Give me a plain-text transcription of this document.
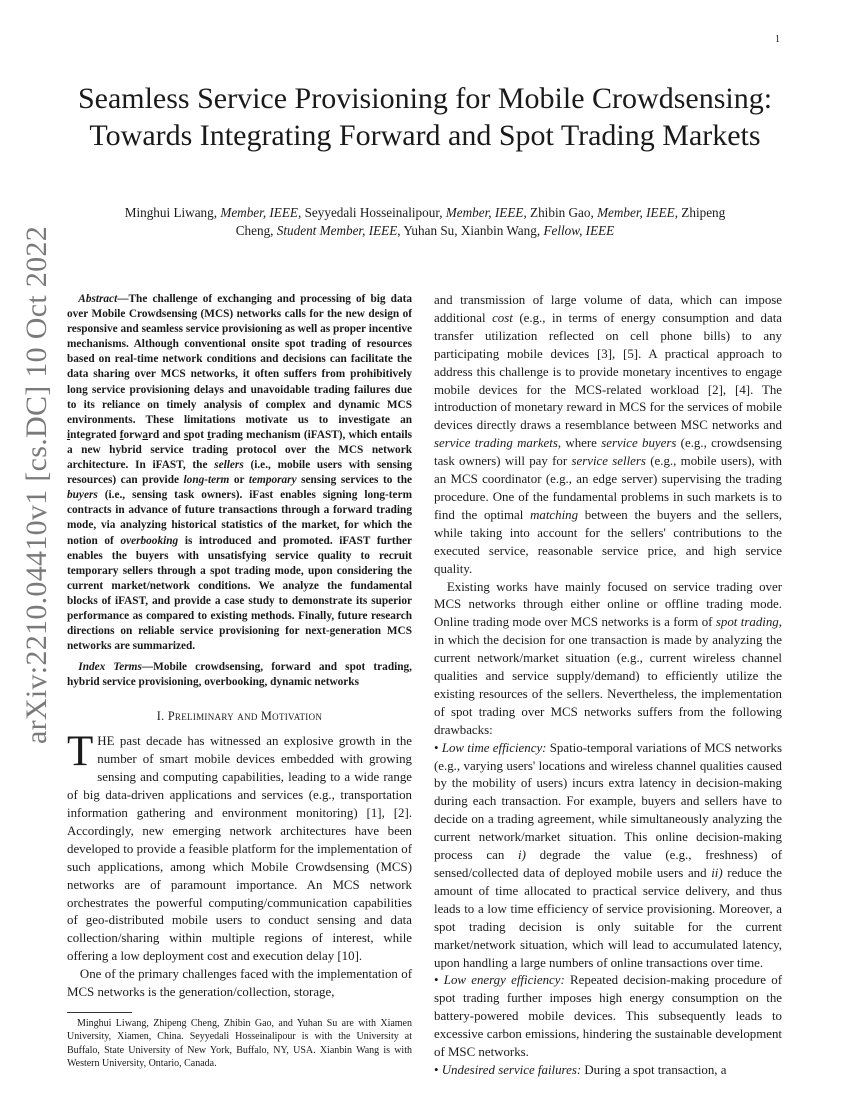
1
arXiv:2210.04410v1 [cs.DC] 10 Oct 2022
Seamless Service Provisioning for Mobile Crowdsensing: Towards Integrating Forward and Spot Trading Markets
Minghui Liwang, Member, IEEE, Seyyedali Hosseinalipour, Member, IEEE, Zhibin Gao, Member, IEEE, Zhipeng
Cheng, Student Member, IEEE, Yuhan Su, Xianbin Wang, Fellow, IEEE

Abstract—The challenge of exchanging and processing of big data over Mobile Crowdsensing (MCS) networks calls for the new design of responsive and seamless service provisioning as well as proper incentive mechanisms. Although conventional onsite spot trading of resources based on real-time network conditions and decisions can facilitate the data sharing over MCS networks, it often suffers from prohibitively long service provisioning delays and unavoidable trading failures due to its reliance on timely analysis of complex and dynamic MCS environments. These limitations motivate us to investigate an integrated forward and spot trading mechanism (iFAST), which entails a new hybrid service trading protocol over the MCS network architecture. In iFAST, the sellers (i.e., mobile users with sensing resources) can provide long-term or temporary sensing services to the buyers (i.e., sensing task owners). iFast enables signing long-term contracts in advance of future transactions through a forward trading mode, via analyzing historical statistics of the market, for which the notion of overbooking is introduced and promoted. iFAST further enables the buyers with unsatisfying service quality to recruit temporary sellers through a spot trading mode, upon considering the current market/network conditions. We analyze the fundamental blocks of iFAST, and provide a case study to demonstrate its superior performance as compared to existing methods. Finally, future research directions on reliable service provisioning for next-generation MCS networks are summarized.

Index Terms—Mobile crowdsensing, forward and spot trading, hybrid service provisioning, overbooking, dynamic networks

I. Preliminary and Motivation

THE past decade has witnessed an explosive growth in the number of smart mobile devices embedded with growing sensing and computing capabilities, leading to a wide range of big data-driven applications and services (e.g., transportation information gathering and environment monitoring) [1], [2]. Accordingly, new emerging network architectures have been developed to provide a feasible platform for the implementation of such applications, among which Mobile Crowdsensing (MCS) networks are of paramount importance. An MCS network orchestrates the powerful computing/communication capabilities of geo-distributed mobile users to conduct sensing and data collection/sharing within multiple regions of interest, while offering a low deployment cost and execution delay [10].

One of the primary challenges faced with the implementation of MCS networks is the generation/collection, storage,

Minghui Liwang, Zhipeng Cheng, Zhibin Gao, and Yuhan Su are with Xiamen University, Xiamen, China. Seyyedali Hosseinalipour is with the University at Buffalo, State University of New York, Buffalo, NY, USA. Xianbin Wang is with Western University, Ontario, Canada.

and transmission of large volume of data, which can impose additional cost (e.g., in terms of energy consumption and data transfer utilization reflected on cell phone bills) to any participating mobile devices [3], [5]. A practical approach to address this challenge is to provide monetary incentives to engage mobile devices for the MCS-related workload [2], [4]. The introduction of monetary reward in MCS for the services of mobile devices directly draws a resemblance between MSC networks and service trading markets, where service buyers (e.g., crowdsensing task owners) will pay for service sellers (e.g., mobile users), with an MCS coordinator (e.g., an edge server) supervising the trading procedure. One of the fundamental problems in such markets is to find the optimal matching between the buyers and the sellers, while taking into account for the sellers' contributions to the executed service, reasonable service price, and high service quality.

Existing works have mainly focused on service trading over MCS networks through either online or offline trading mode. Online trading mode over MCS networks is a form of spot trading, in which the decision for one transaction is made by analyzing the current network/market situation (e.g., current wireless channel qualities and service supply/demand) to efficiently utilize the existing resources of the sellers. Nevertheless, the implementation of spot trading over MCS networks suffers from the following drawbacks:

• Low time efficiency: Spatio-temporal variations of MCS networks (e.g., varying users' locations and wireless channel qualities caused by the mobility of users) incurs extra latency in decision-making during each transaction. For example, buyers and sellers have to decide on a trading agreement, while simultaneously analyzing the current network/market situation. This online decision-making process can i) degrade the value (e.g., freshness) of sensed/collected data of deployed mobile users and ii) reduce the amount of time allocated to practical service delivery, and thus leads to a low time efficiency of service provisioning. Moreover, a spot trading decision is only suitable for the current market/network situation, which will lead to accumulated latency, upon handling a large numbers of online transactions over time.

• Low energy efficiency: Repeated decision-making procedure of spot trading further imposes high energy consumption on the battery-powered mobile devices. This subsequently leads to excessive carbon emissions, hindering the sustainable development of MSC networks.

• Undesired service failures: During a spot transaction, a
